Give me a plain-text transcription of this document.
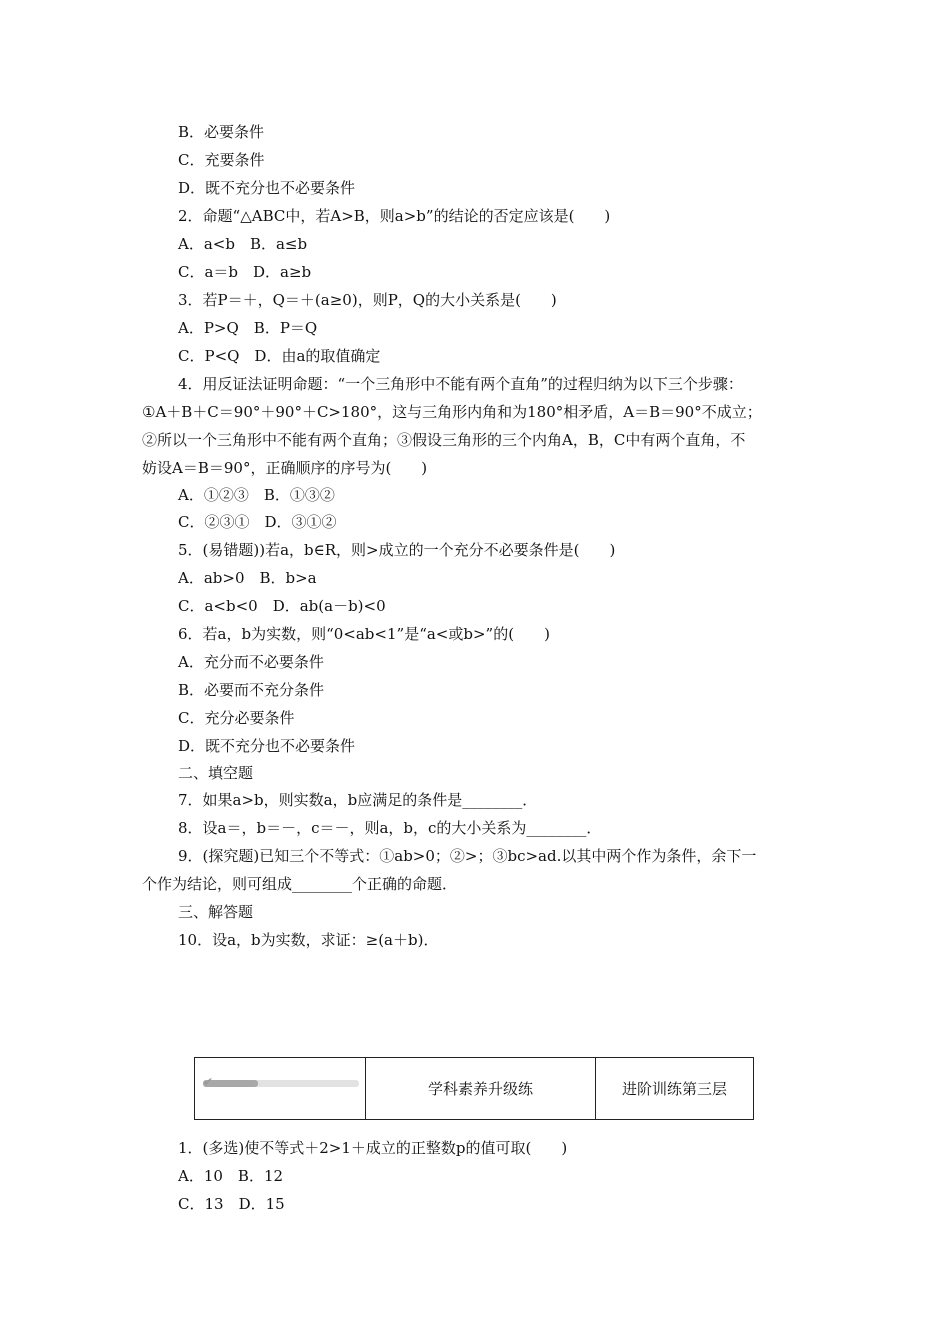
B．必要条件
C．充要条件
D．既不充分也不必要条件
2．命题“△ABC中，若A>B，则a>b”的结论的否定应该是(　　)
A．a<b　B．a≤b
C．a＝b　D．a≥b
3．若P＝＋，Q＝＋(a≥0)，则P，Q的大小关系是(　　)
A．P>Q　B．P＝Q
C．P<Q　D．由a的取值确定
4．用反证法证明命题：“一个三角形中不能有两个直角”的过程归纳为以下三个步骤：
①A＋B＋C＝90°＋90°＋C>180°，这与三角形内角和为180°相矛盾，A＝B＝90°不成立；
②所以一个三角形中不能有两个直角；③假设三角形的三个内角A，B，C中有两个直角，不
妨设A＝B＝90°，正确顺序的序号为(　　)
A．①②③　B．①③②
C．②③①　D．③①②
5．(易错题))若a，b∈R，则>成立的一个充分不必要条件是(　　)
A．ab>0　B．b>a
C．a<b<0　D．ab(a－b)<0
6．若a，b为实数，则“0<ab<1”是“a<或b>”的(　　)
A．充分而不必要条件
B．必要而不充分条件
C．充分必要条件
D．既不充分也不必要条件
二、填空题
7．如果a>b，则实数a，b应满足的条件是________．
8．设a＝，b＝－，c＝－，则a，b，c的大小关系为________．
9．(探究题)已知三个不等式：①ab>0；②>；③bc>ad.以其中两个作为条件，余下一
个作为结论，则可组成________个正确的命题．
三、解答题
10．设a，b为实数，求证：≥(a＋b)．
1．(多选)使不等式＋2>1＋成立的正整数p的值可取(　　)
A．10　B．12
C．13　D．15
✔	学科素养升级练	进阶训练第三层
